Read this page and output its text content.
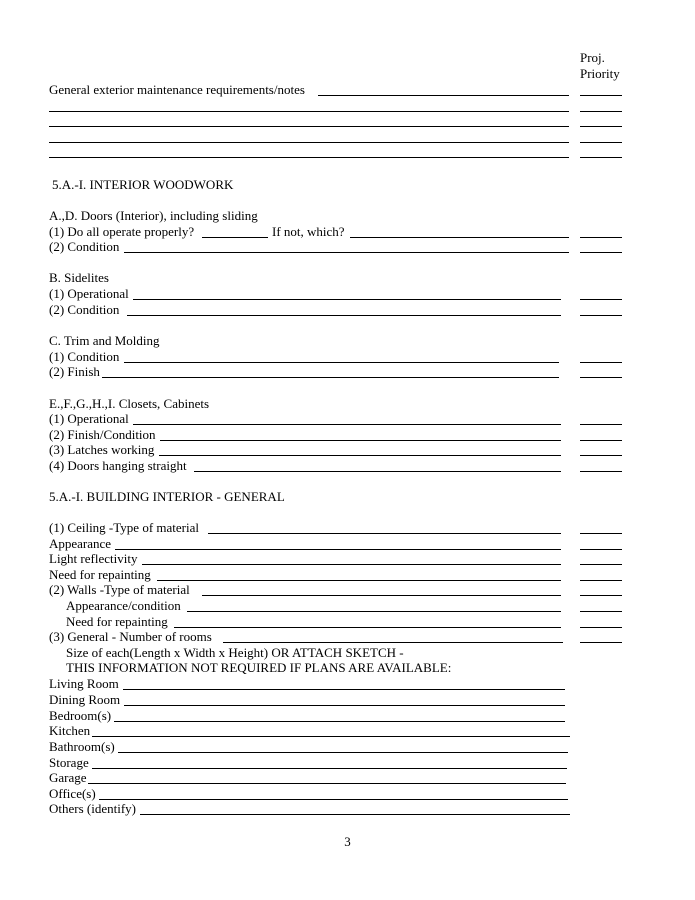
Proj.
Priority
General exterior maintenance requirements/notes
5.A.-I. INTERIOR WOODWORK
A.,D. Doors (Interior), including sliding
(1) Do all operate properly?	If not, which?
(2) Condition
B. Sidelites
(1) Operational
(2) Condition
C. Trim and Molding
(1) Condition
(2) Finish
E.,F.,G.,H.,I. Closets, Cabinets
(1) Operational
(2) Finish/Condition
(3) Latches working
(4) Doors hanging straight
5.A.-I. BUILDING INTERIOR - GENERAL
(1) Ceiling -Type of material
Appearance
Light reflectivity
Need for repainting
(2) Walls -Type of material
Appearance/condition
Need for repainting
(3) General - Number of rooms
Size of each(Length x Width x Height) OR ATTACH SKETCH -
THIS INFORMATION NOT REQUIRED IF PLANS ARE AVAILABLE:
Living Room
Dining Room
Bedroom(s)
Kitchen
Bathroom(s)
Storage
Garage
Office(s)
Others (identify)
3
